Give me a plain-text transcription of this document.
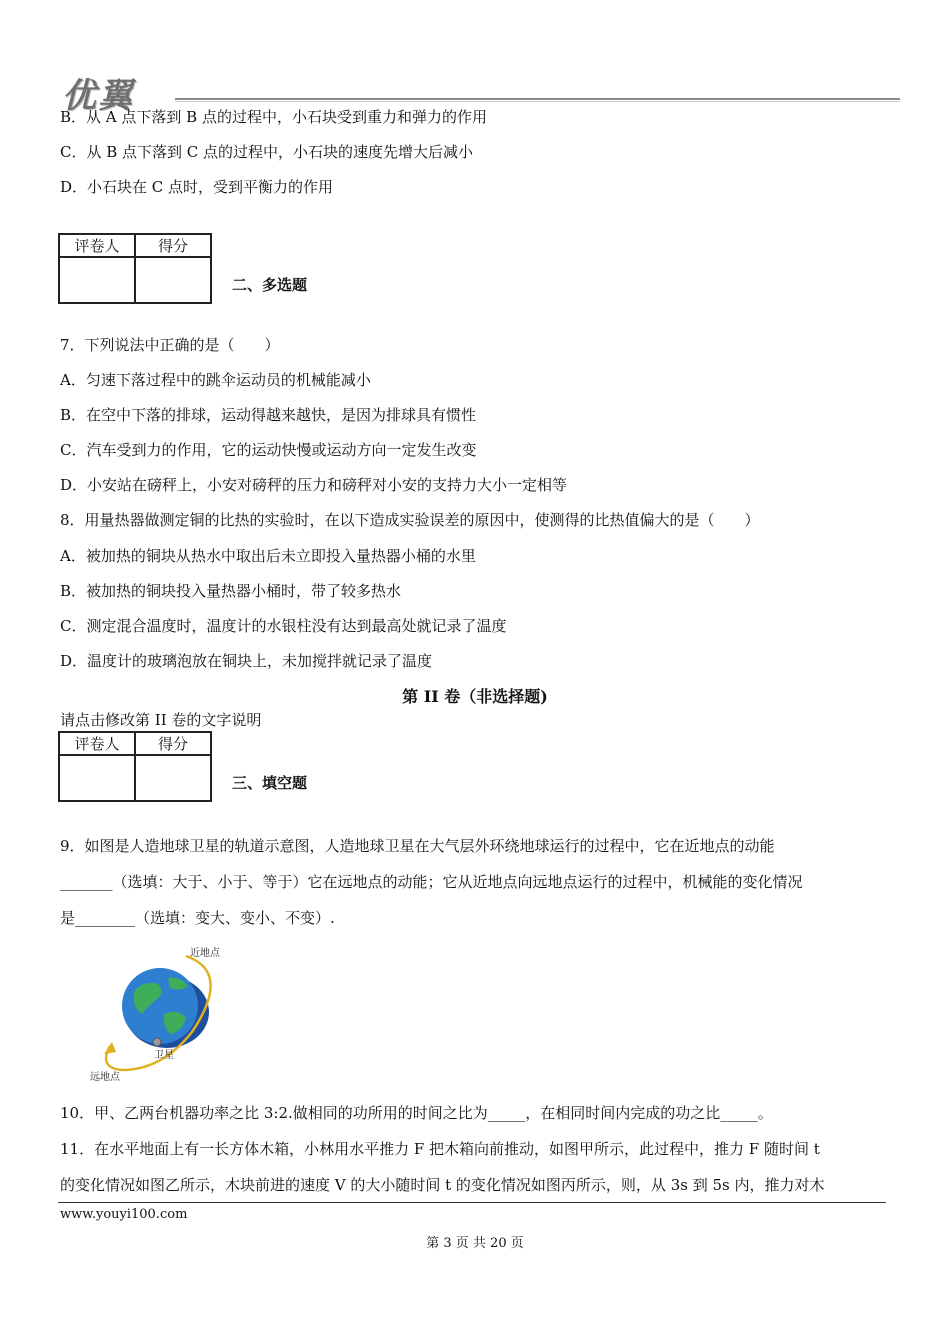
优翼
B．从 A 点下落到 B 点的过程中，小石块受到重力和弹力的作用
C．从 B 点下落到 C 点的过程中，小石块的速度先增大后减小
D．小石块在 C 点时，受到平衡力的作用
评卷人	得分

二、多选题
7．下列说法中正确的是（　　）
A．匀速下落过程中的跳伞运动员的机械能减小
B．在空中下落的排球，运动得越来越快，是因为排球具有惯性
C．汽车受到力的作用，它的运动快慢或运动方向一定发生改变
D．小安站在磅秤上，小安对磅秤的压力和磅秤对小安的支持力大小一定相等
8．用量热器做测定铜的比热的实验时，在以下造成实验误差的原因中，使测得的比热值偏大的是（　　）
A．被加热的铜块从热水中取出后未立即投入量热器小桶的水里
B．被加热的铜块投入量热器小桶时，带了较多热水
C．测定混合温度时，温度计的水银柱没有达到最高处就记录了温度
D．温度计的玻璃泡放在铜块上，未加搅拌就记录了温度
第 II 卷（非选择题)
请点击修改第 II 卷的文字说明
评卷人	得分

三、填空题
9．如图是人造地球卫星的轨道示意图，人造地球卫星在大气层外环绕地球运行的过程中，它在近地点的动能
_______（选填：大于、小于、等于）它在远地点的动能；它从近地点向远地点运行的过程中，机械能的变化情况
是________（选填：变大、变小、不变）.
近地点
远地点
卫星
10．甲、乙两台机器功率之比 3:2.做相同的功所用的时间之比为_____，在相同时间内完成的功之比_____。
11．在水平地面上有一长方体木箱，小林用水平推力 F 把木箱向前推动，如图甲所示，此过程中，推力 F 随时间 t
的变化情况如图乙所示，木块前进的速度 V 的大小随时间 t 的变化情况如图丙所示，则，从 3s 到 5s 内，推力对木
www.youyi100.com
第 3 页 共 20 页
